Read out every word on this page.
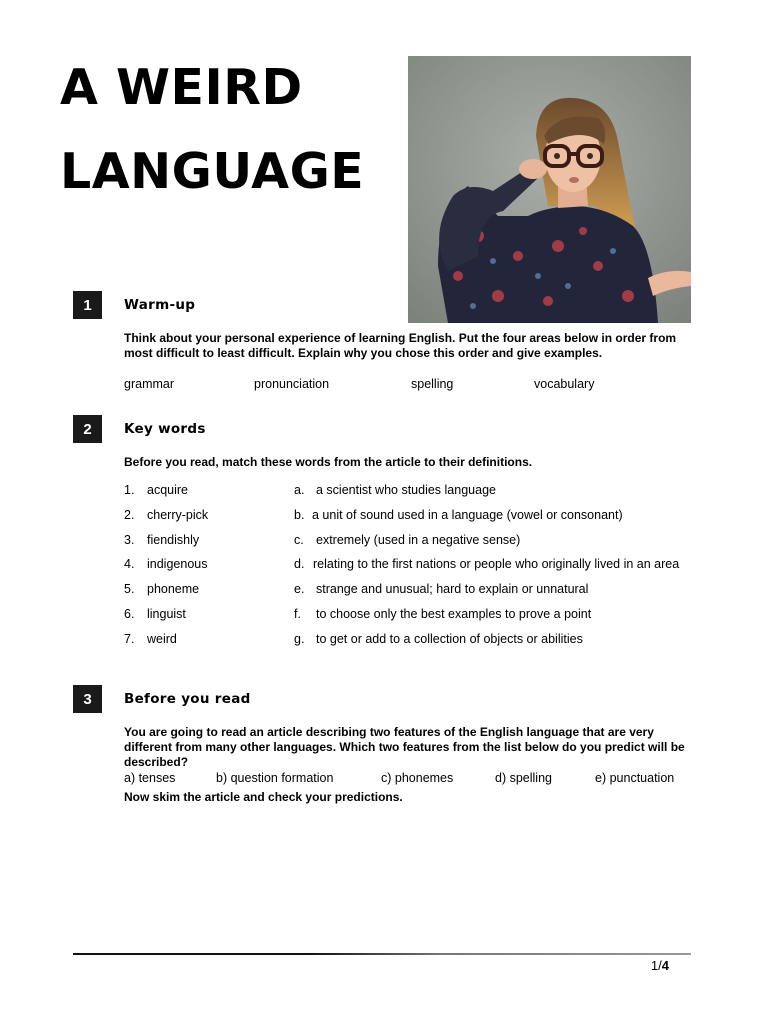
A WEIRD
LANGUAGE
1	Warm-up

Think about your personal experience of learning English. Put the four areas below in order from most difficult to least difficult. Explain why you chose this order and give examples.

grammar	pronunciation	spelling	vocabulary
2	Key words

Before you read, match these words from the article to their definitions.

1. acquire	a. a scientist who studies language
2. cherry-pick	b. a unit of sound used in a language (vowel or consonant)
3. fiendishly	c. extremely (used in a negative sense)
4. indigenous	d. relating to the first nations or people who originally lived in an area
5. phoneme	e. strange and unusual; hard to explain or unnatural
6. linguist	f. to choose only the best examples to prove a point
7. weird	g. to get or add to a collection of objects or abilities
3	Before you read

You are going to read an article describing two features of the English language that are very different from many other languages. Which two features from the list below do you predict will be described?

a) tenses	b) question formation	c) phonemes	d) spelling	e) punctuation

Now skim the article and check your predictions.

1/4
